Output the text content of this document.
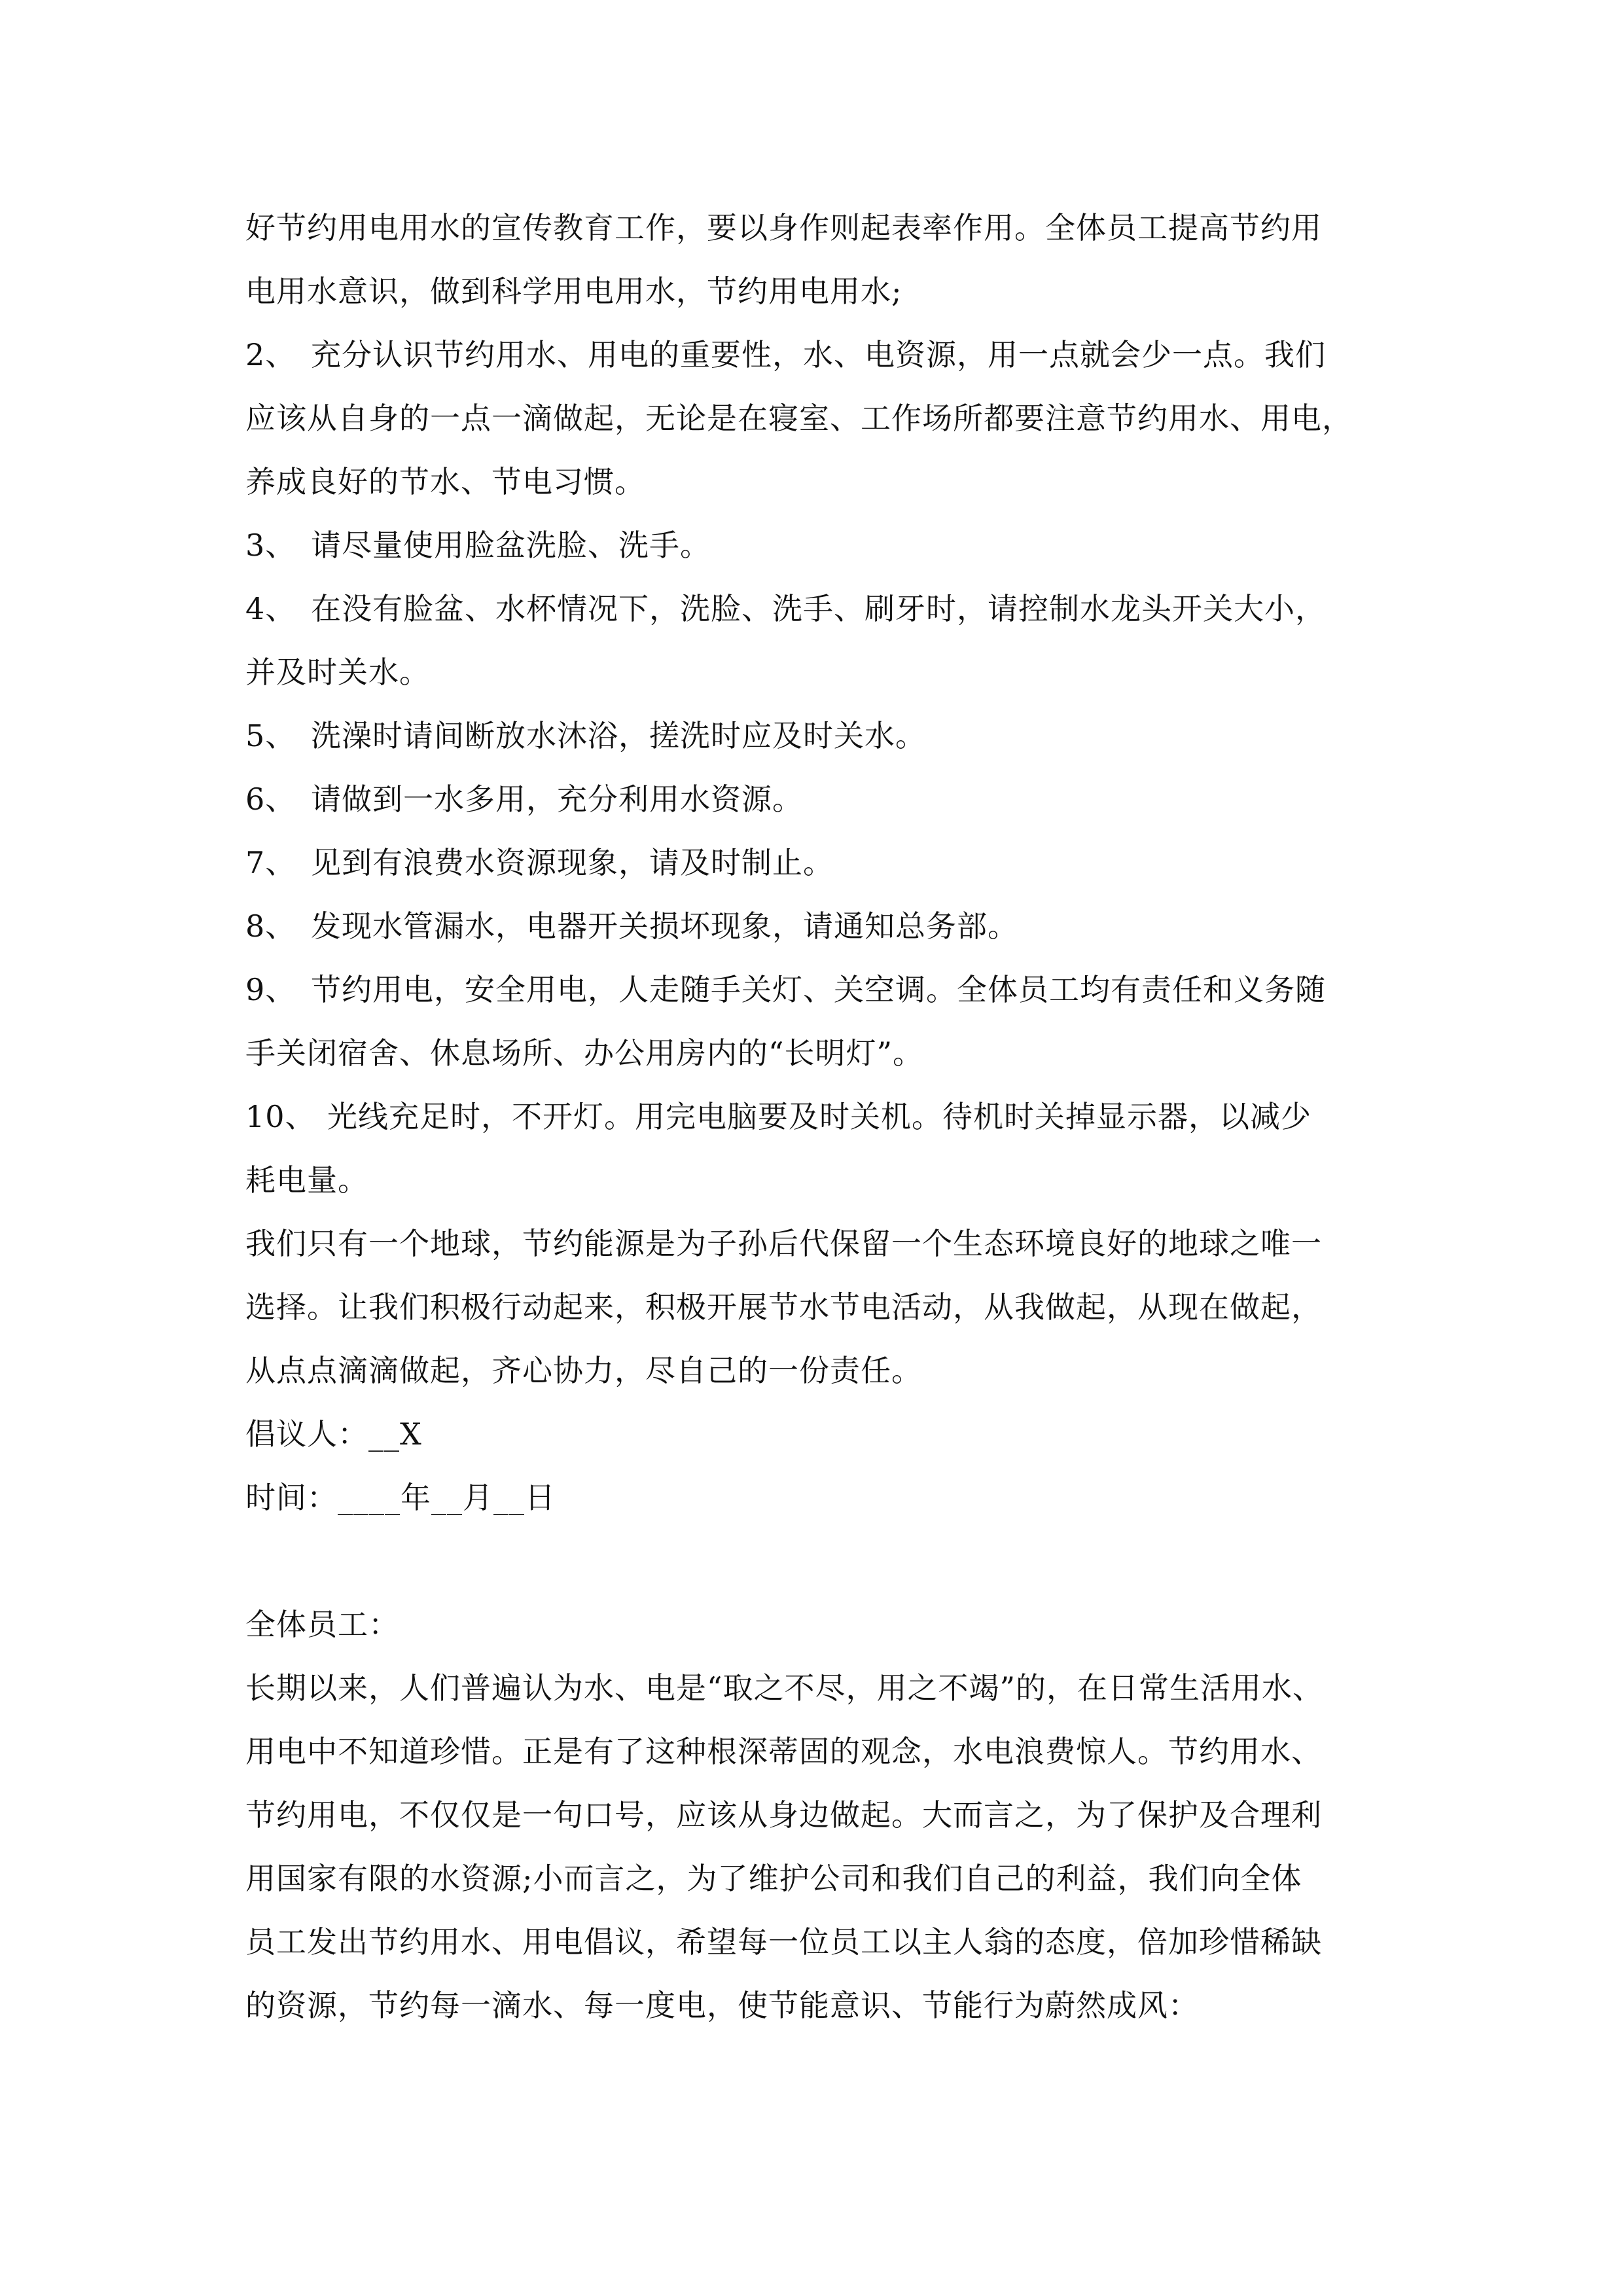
好节约用电用水的宣传教育工作，要以身作则起表率作用。全体员工提高节约用
电用水意识，做到科学用电用水，节约用电用水;
2、 充分认识节约用水、用电的重要性，水、电资源，用一点就会少一点。我们
应该从自身的一点一滴做起，无论是在寝室、工作场所都要注意节约用水、用电，
养成良好的节水、节电习惯。
3、 请尽量使用脸盆洗脸、洗手。
4、 在没有脸盆、水杯情况下，洗脸、洗手、刷牙时，请控制水龙头开关大小，
并及时关水。
5、 洗澡时请间断放水沐浴，搓洗时应及时关水。
6、 请做到一水多用，充分利用水资源。
7、 见到有浪费水资源现象，请及时制止。
8、 发现水管漏水，电器开关损坏现象，请通知总务部。
9、 节约用电，安全用电，人走随手关灯、关空调。全体员工均有责任和义务随
手关闭宿舍、休息场所、办公用房内的“长明灯”。
10、 光线充足时，不开灯。用完电脑要及时关机。待机时关掉显示器，以减少
耗电量。
我们只有一个地球，节约能源是为子孙后代保留一个生态环境良好的地球之唯一
选择。让我们积极行动起来，积极开展节水节电活动，从我做起，从现在做起，
从点点滴滴做起，齐心协力，尽自己的一份责任。
倡议人：__X
时间：____年__月__日
全体员工：
长期以来，人们普遍认为水、电是“取之不尽，用之不竭”的，在日常生活用水、
用电中不知道珍惜。正是有了这种根深蒂固的观念，水电浪费惊人。节约用水、
节约用电，不仅仅是一句口号，应该从身边做起。大而言之，为了保护及合理利
用国家有限的水资源;小而言之，为了维护公司和我们自己的利益，我们向全体
员工发出节约用水、用电倡议，希望每一位员工以主人翁的态度，倍加珍惜稀缺
的资源，节约每一滴水、每一度电，使节能意识、节能行为蔚然成风：
